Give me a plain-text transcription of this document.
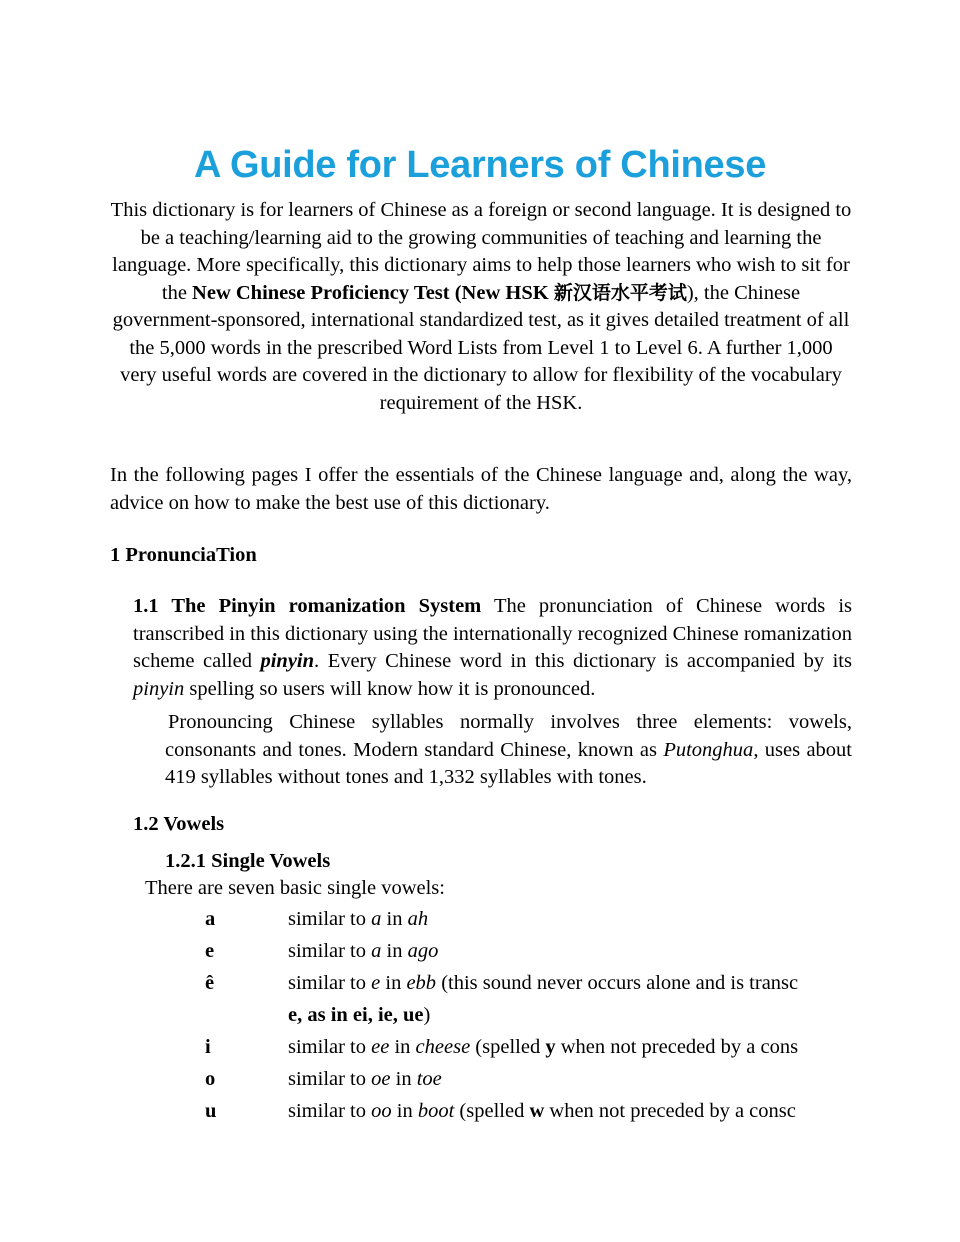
A Guide for Learners of Chinese
This dictionary is for learners of Chinese as a foreign or second language. It is designed to be a teaching/learning aid to the growing communities of teaching and learning the language. More specifically, this dictionary aims to help those learners who wish to sit for the New Chinese Proficiency Test (New HSK 新汉语水平考试), the Chinese government-sponsored, international standardized test, as it gives detailed treatment of all the 5,000 words in the prescribed Word Lists from Level 1 to Level 6. A further 1,000 very useful words are covered in the dictionary to allow for flexibility of the vocabulary requirement of the HSK.
In the following pages I offer the essentials of the Chinese language and, along the way, advice on how to make the best use of this dictionary.
1 PronunciaTion
1.1 The Pinyin romanization System The pronunciation of Chinese words is transcribed in this dictionary using the internationally recognized Chinese romanization scheme called pinyin. Every Chinese word in this dictionary is accompanied by its pinyin spelling so users will know how it is pronounced.
Pronouncing Chinese syllables normally involves three elements: vowels, consonants and tones. Modern standard Chinese, known as Putonghua, uses about 419 syllables without tones and 1,332 syllables with tones.
1.2 Vowels
1.2.1 Single Vowels
There are seven basic single vowels:
a	similar to a in ah
e	similar to a in ago
ê	similar to e in ebb (this sound never occurs alone and is transc
e, as in ei, ie, ue)
i	similar to ee in cheese (spelled y when not preceded by a cons
o	similar to oe in toe
u	similar to oo in boot (spelled w when not preceded by a consc
